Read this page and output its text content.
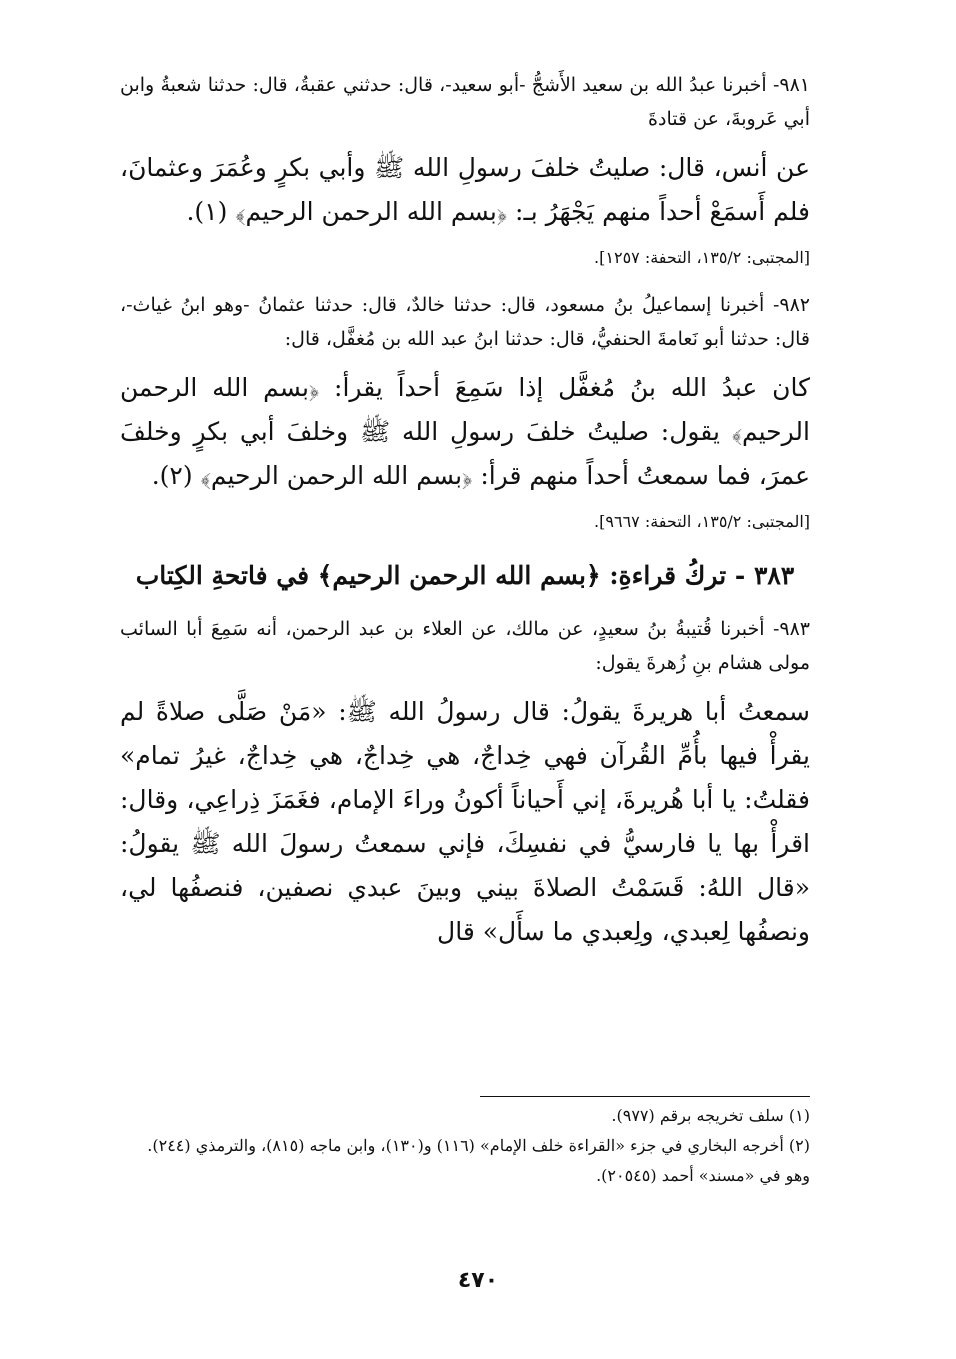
٩٨١- أخبرنا عبدُ الله بن سعيد الأَشجُّ -أبو سعيد-، قال: حدثني عقبةُ، قال: حدثنا شعبةُ وابن أبي عَروبةَ، عن قتادةَ

عن أنس، قال: صليتُ خلفَ رسولِ الله ﷺ وأبي بكرٍ وعُمَرَ وعثمانَ، فلم أَسمَعْ أحداً منهم يَجْهَرُ بـ: ﴿بسم الله الرحمن الرحيم﴾ (١).

[المجتبى: ١٣٥/٢، التحفة: ١٢٥٧].

٩٨٢- أخبرنا إسماعيلُ بنُ مسعود، قال: حدثنا خالدٌ، قال: حدثنا عثمانُ -وهو ابنُ غياث-، قال: حدثنا أبو نَعامةَ الحنفيُّ، قال: حدثنا ابنُ عبد الله بن مُغفَّل، قال:

كان عبدُ الله بنُ مُغفَّل إذا سَمِعَ أحداً يقرأ: ﴿بسم الله الرحمن الرحيم﴾ يقول: صليتُ خلفَ رسولِ الله ﷺ وخلفَ أبي بكرٍ وخلفَ عمرَ، فما سمعتُ أحداً منهم قرأ: ﴿بسم الله الرحمن الرحيم﴾ (٢).

[المجتبى: ١٣٥/٢، التحفة: ٩٦٦٧].

٣٨٣ - تركُ قراءةِ: ﴿بسم الله الرحمن الرحيم﴾ في فاتحةِ الكِتاب

٩٨٣- أخبرنا قُتيبةُ بنُ سعيدٍ، عن مالك، عن العلاء بن عبد الرحمن، أنه سَمِعَ أبا السائب مولى هشام بنِ زُهرةَ يقول:

سمعتُ أبا هريرةَ يقولُ: قال رسولُ الله ﷺ: «مَنْ صَلَّى صلاةً لم يقرأْ فيها بأُمِّ القُرآن فهي خِداجٌ، هي خِداجٌ، هي خِداجٌ، غيرُ تمام» فقلتُ: يا أبا هُريرةَ، إني أَحياناً أكونُ وراءَ الإمام، فغَمَزَ ذِراعِي، وقال: اقرأْ بها يا فارسيُّ في نفسِكَ، فإني سمعتُ رسولَ الله ﷺ يقولُ: «قال اللهُ: قَسَمْتُ الصلاةَ بيني وبينَ عبدي نصفين، فنصفُها لي، ونصفُها لِعبدي، ولِعبدي ما سأَل» قال

(١) سلف تخريجه برقم (٩٧٧).

(٢) أخرجه البخاري في جزء «القراءة خلف الإمام» (١١٦) و(١٣٠)، وابن ماجه (٨١٥)، والترمذي (٢٤٤).

وهو في «مسند» أحمد (٢٠٥٤٥).

٤٧٠
